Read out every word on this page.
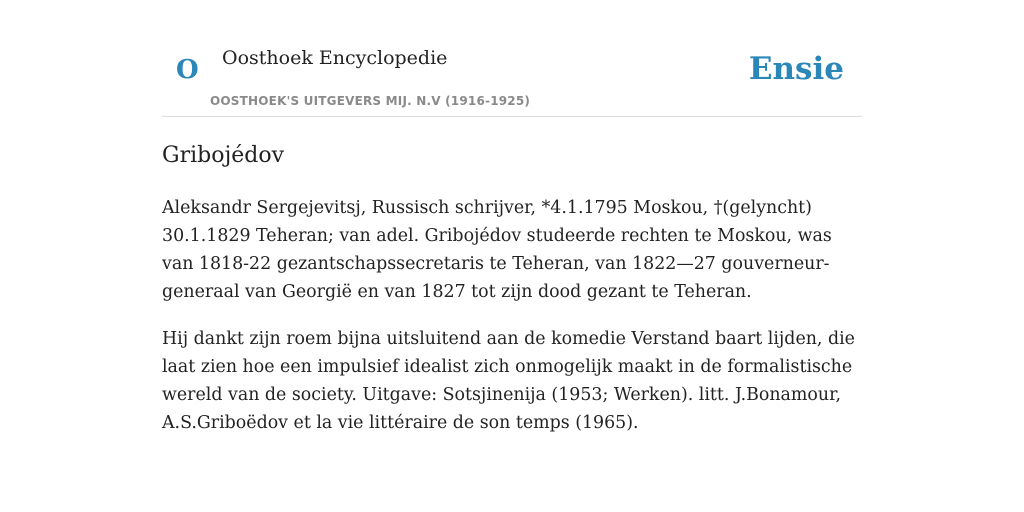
O Oosthoek Encyclopedie
OOSTHOEK'S UITGEVERS MIJ. N.V (1916-1925)
Ensie
Gribojédov

Aleksandr Sergejevitsj, Russisch schrijver, *4.1.1795 Moskou, †(gelyncht) 30.1.1829 Teheran; van adel. Gribojédov studeerde rechten te Moskou, was van 1818-22 gezantschapssecretaris te Teheran, van 1822—27 gouverneur-generaal van Georgië en van 1827 tot zijn dood gezant te Teheran.

Hij dankt zijn roem bijna uitsluitend aan de komedie Verstand baart lijden, die laat zien hoe een impulsief idealist zich onmogelijk maakt in de formalistische wereld van de society. Uitgave: Sotsjinenija (1953; Werken). litt. J.Bonamour, A.S.Griboëdov et la vie littéraire de son temps (1965).
